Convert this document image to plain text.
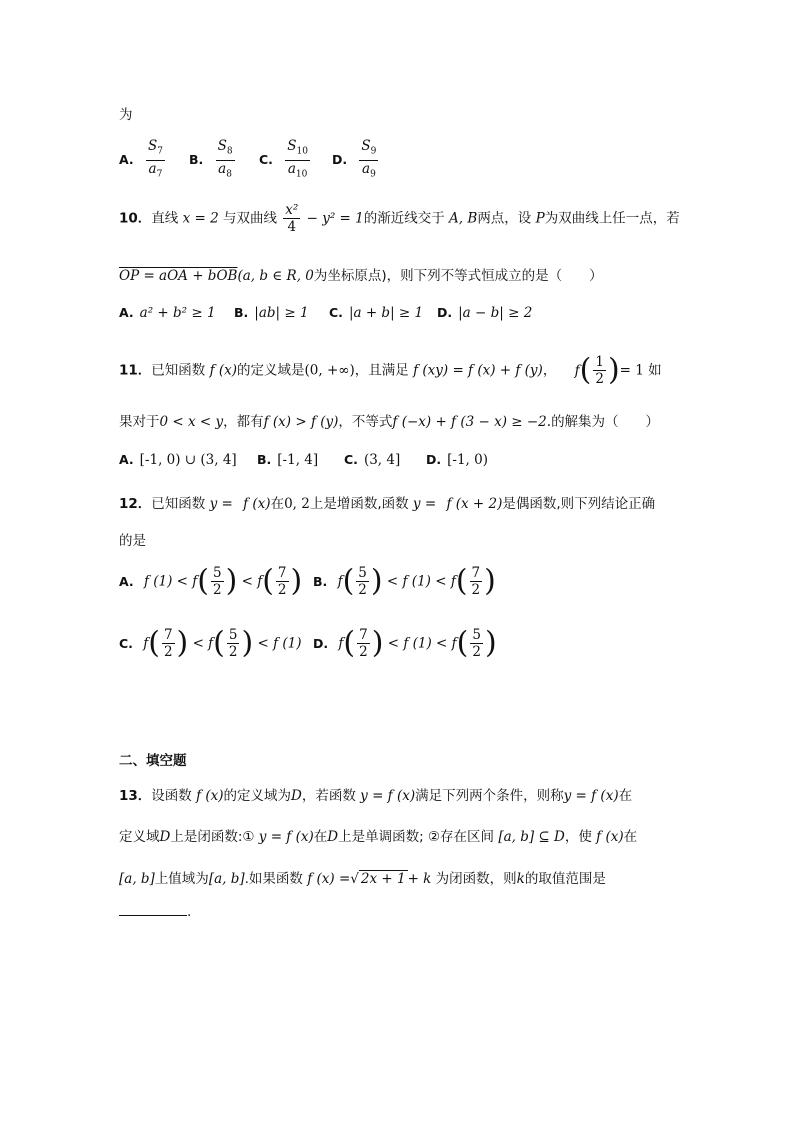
为
A. $\frac{S_7}{a_7} B$. $\frac{S_8}{a_8} C$. $\frac{S_{10}}{a_{10}} D$. $\frac{S_9}{a_9}$
10．直线 x = 2 与双曲线 $\frac{\text{x²}}{4} - y^2 = 1$的渐近线交于 A, B两点，设 P为双曲线上任一点，若
OP = aOA + bOB(a, b ∈ R, 0为坐标原点)，则下列不等式恒成立的是（　　）
A. a² + b² ≥ 1 B. |ab| ≥ 1 C. |a + b| ≥ 1 D. |a − b| ≥ 2
11．已知函数 f (x)的定义域是(0, +∞)，且满足 f (xy) = f (x) + f (y)， $f( \frac{1}{2}$ )= 1 如
果对于0 < x < y，都有f (x) > f (y)，不等式f (−x) + f (3 − x) ≥ −2.的解集为（　　）
A. [-1, 0) ∪ (3, 4] B. [-1, 4] C. (3, 4] D. [-1, 0)
12．已知函数 y = f (x)在0, 2上是增函数,函数 y = f (x + 2)是偶函数,则下列结论正确
的是
A. f $(1) < f( \frac{5}{2}$ ) < $f( \frac{7}{2}$ ) B. $f( \frac{5}{2}$ ) < f $(1) < f( \frac{7}{2}$ )
C. $f( \frac{7}{2}$ ) < $f( \frac{5}{2}$ ) < f (1) D. $f( \frac{7}{2}$ ) < f $(1) < f( \frac{5}{2}$ )
二、填空题
13．设函数 f (x)的定义域为D，若函数 y = f (x)满足下列两个条件，则称y = f (x)在
定义域D上是闭函数:① y = f (x)在D上是单调函数; ②存在区间 [a, b] ⊆ D，使 f (x)在
[a, b]上值域为[a, b].如果函数 f (x) =√ 2x + 1 + k 为闭函数，则k的取值范围是
.
